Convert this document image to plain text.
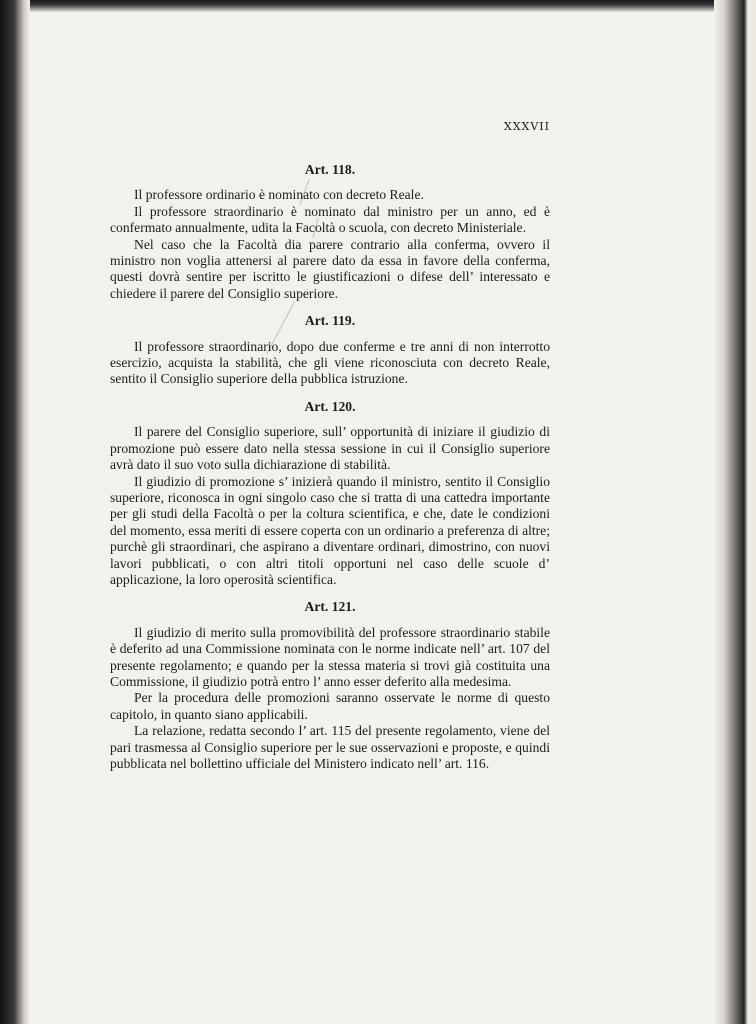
XXXVII
Art. 118.

Il professore ordinario è nominato con decreto Reale.

Il professore straordinario è nominato dal ministro per un anno, ed è confermato annualmente, udita la Facoltà o scuola, con decreto Ministeriale.

Nel caso che la Facoltà dia parere contrario alla conferma, ovvero il ministro non voglia attenersi al parere dato da essa in favore della conferma, questi dovrà sentire per iscritto le giustificazioni o difese dell’ interessato e chiedere il parere del Consiglio superiore.

Art. 119.

Il professore straordinario, dopo due conferme e tre anni di non interrotto esercizio, acquista la stabilità, che gli viene riconosciuta con decreto Reale, sentito il Consiglio superiore della pubblica istruzione.

Art. 120.

Il parere del Consiglio superiore, sull’ opportunità di iniziare il giudizio di promozione può essere dato nella stessa sessione in cui il Consiglio superiore avrà dato il suo voto sulla dichiarazione di stabilità.

Il giudizio di promozione s’ inizierà quando il ministro, sentito il Consiglio superiore, riconosca in ogni singolo caso che si tratta di una cattedra importante per gli studi della Facoltà o per la coltura scientifica, e che, date le condizioni del momento, essa meriti di essere coperta con un ordinario a preferenza di altre; purchè gli straordinari, che aspirano a diventare ordinari, dimostrino, con nuovi lavori pubblicati, o con altri titoli opportuni nel caso delle scuole d’ applicazione, la loro operosità scientifica.

Art. 121.

Il giudizio di merito sulla promovibilità del professore straordinario stabile è deferito ad una Commissione nominata con le norme indicate nell’ art. 107 del presente regolamento; e quando per la stessa materia si trovi già costituita una Commissione, il giudizio potrà entro l’ anno esser deferito alla medesima.

Per la procedura delle promozioni saranno osservate le norme di questo capitolo, in quanto siano applicabili.

La relazione, redatta secondo l’ art. 115 del presente regolamento, viene del pari trasmessa al Consiglio superiore per le sue osservazioni e proposte, e quindi pubblicata nel bollettino ufficiale del Ministero indicato nell’ art. 116.
